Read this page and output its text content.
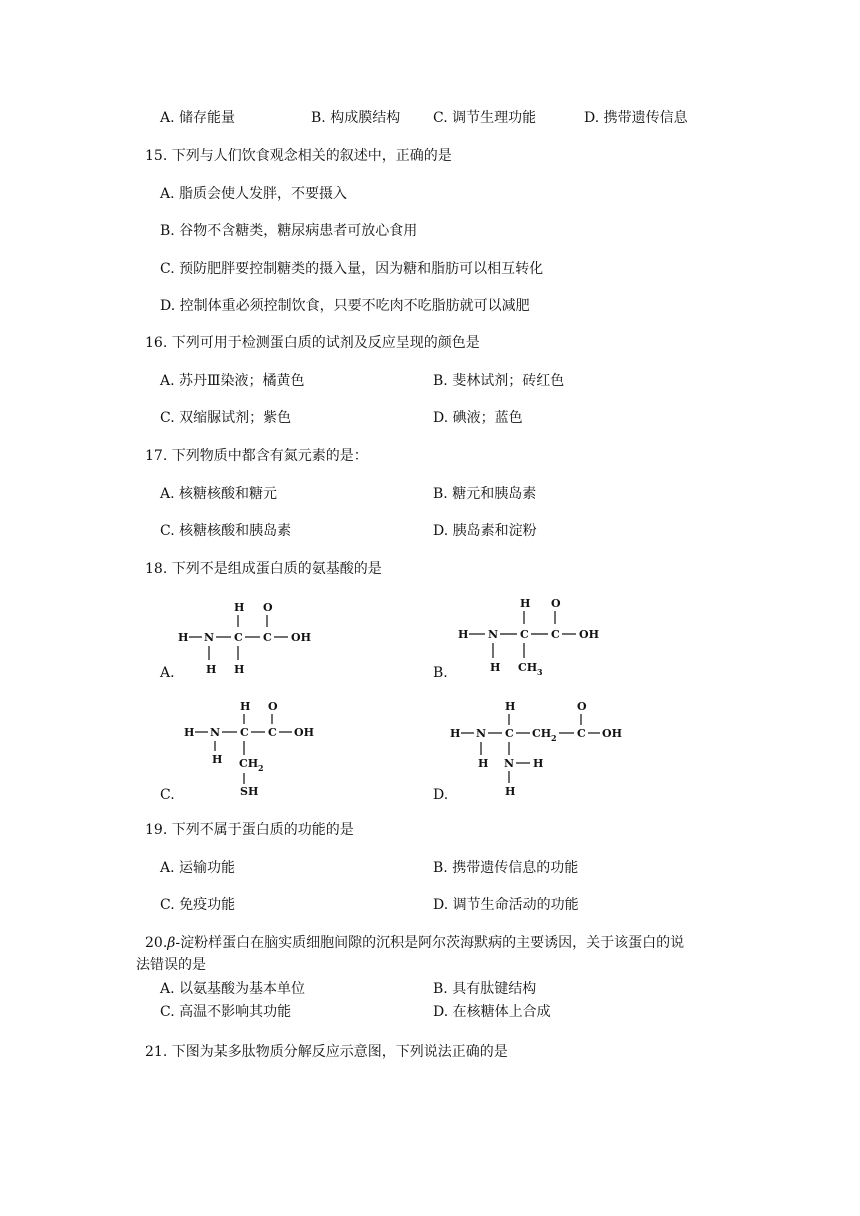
A. 储存能量	B. 构成膜结构 C. 调节生理功能	D. 携带遗传信息
15. 下列与人们饮食观念相关的叙述中，正确的是
A. 脂质会使人发胖，不要摄入
B. 谷物不含糖类，糖尿病患者可放心食用
C. 预防肥胖要控制糖类的摄入量，因为糖和脂肪可以相互转化
D. 控制体重必须控制饮食，只要不吃肉不吃脂肪就可以减肥
16. 下列可用于检测蛋白质的试剂及反应呈现的颜色是
A. 苏丹Ⅲ染液；橘黄色	B. 斐林试剂；砖红色
C. 双缩脲试剂；紫色	D. 碘液；蓝色
17. 下列物质中都含有氮元素的是：
A. 核糖核酸和糖元	B. 糖元和胰岛素
C. 核糖核酸和胰岛素	D. 胰岛素和淀粉
18. 下列不是组成蛋白质的氨基酸的是
A.
H O
H N C C OH
H H	B.
H O
H N C C OH
H CH 3
C.
H O
H N C C OH
H CH 2
SH	D.
H	O
H N C CH 2 C OH
H N H
H
19. 下列不属于蛋白质的功能的是
A. 运输功能	B. 携带遗传信息的功能
C. 免疫功能	D. 调节生命活动的功能
20.β-淀粉样蛋白在脑实质细胞间隙的沉积是阿尔茨海默病的主要诱因，关于该蛋白的说
法错误的是
A. 以氨基酸为基本单位	B. 具有肽键结构
C. 高温不影响其功能	D. 在核糖体上合成
21. 下图为某多肽物质分解反应示意图，下列说法正确的是
